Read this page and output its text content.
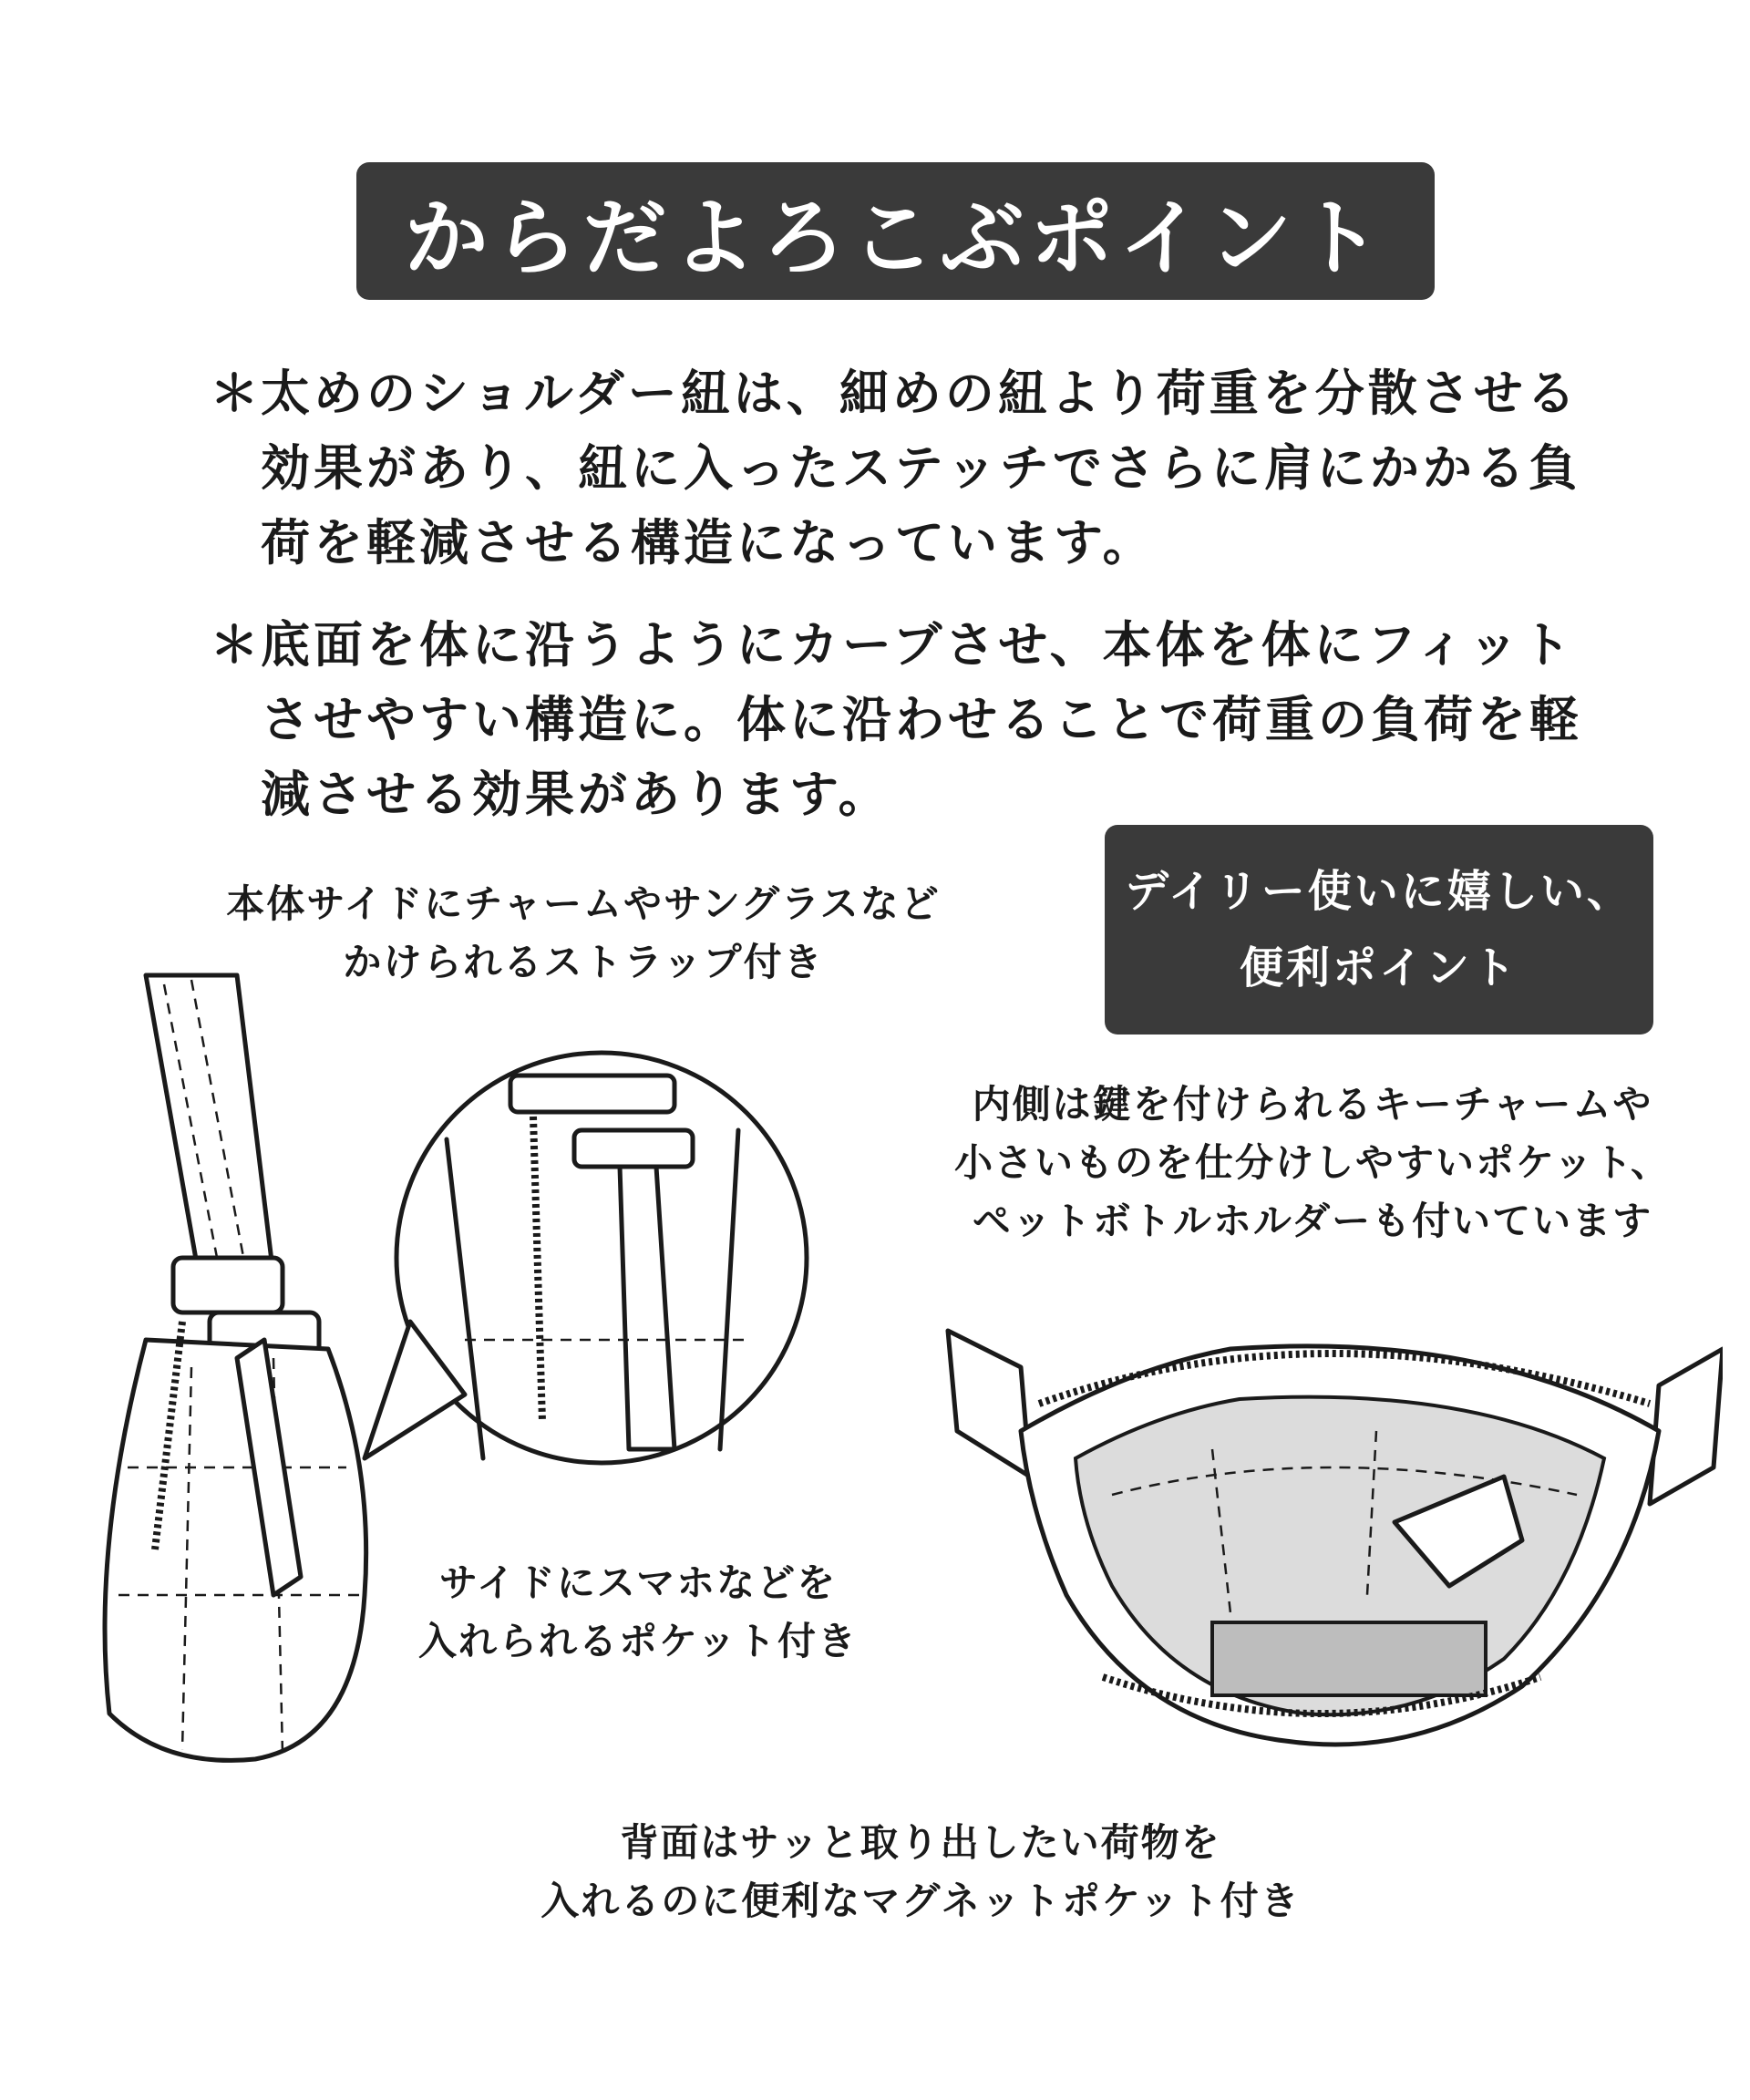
からだよろこぶポイント
＊
太めのショルダー紐は、細めの紐より荷重を分散させる
効果があり、紐に入ったステッチでさらに肩にかかる負
荷を軽減させる構造になっています。
＊
底面を体に沿うようにカーブさせ、本体を体にフィット
させやすい構造に。体に沿わせることで荷重の負荷を軽
減させる効果があります。
デイリー使いに嬉しい、
便利ポイント
本体サイドにチャームやサングラスなど
かけられるストラップ付き
内側は鍵を付けられるキーチャームや
小さいものを仕分けしやすいポケット、
ペットボトルホルダーも付いています
サイドにスマホなどを
入れられるポケット付き
背面はサッと取り出したい荷物を
入れるのに便利なマグネットポケット付き
